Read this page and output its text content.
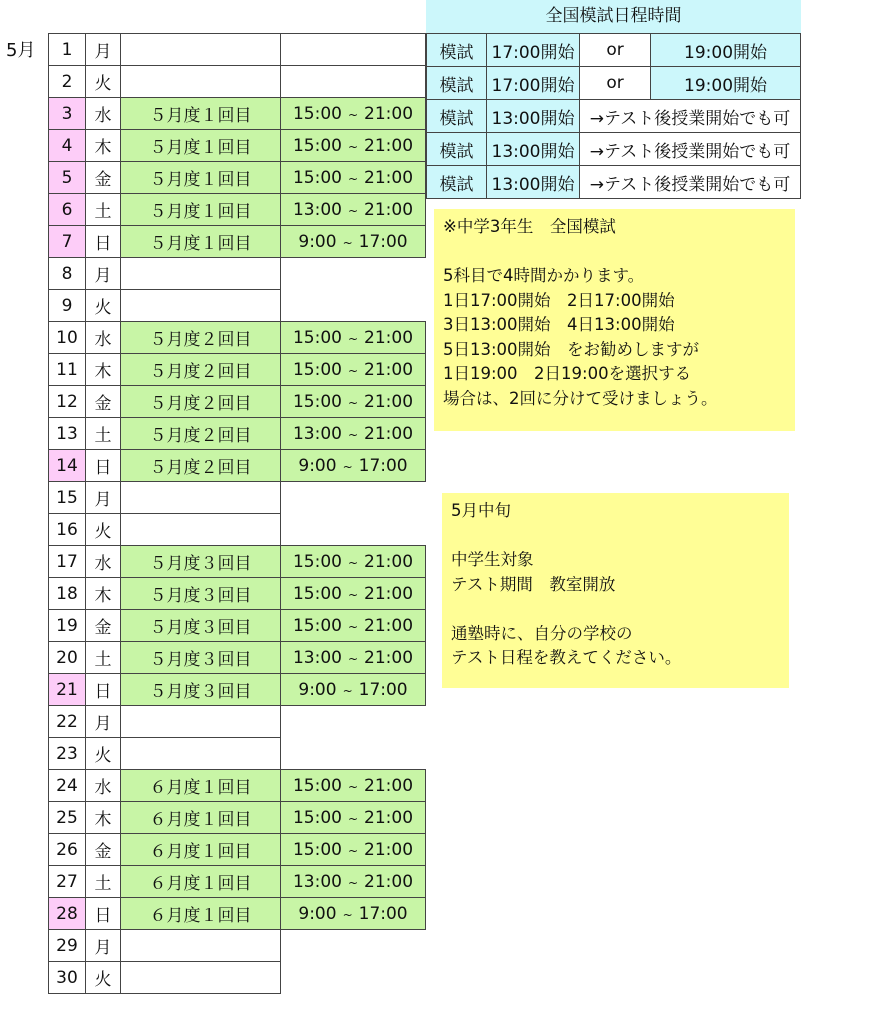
5月
全国模試日程時間
1	月		
2	火		
3	水	５月度１回目	15:00 ~ 21:00
4	木	５月度１回目	15:00 ~ 21:00
5	金	５月度１回目	15:00 ~ 21:00
6	土	５月度１回目	13:00 ~ 21:00
7	日	５月度１回目	9:00 ~ 17:00
8	月		
9	火		
10	水	５月度２回目	15:00 ~ 21:00
11	木	５月度２回目	15:00 ~ 21:00
12	金	５月度２回目	15:00 ~ 21:00
13	土	５月度２回目	13:00 ~ 21:00
14	日	５月度２回目	9:00 ~ 17:00
15	月		
16	火		
17	水	５月度３回目	15:00 ~ 21:00
18	木	５月度３回目	15:00 ~ 21:00
19	金	５月度３回目	15:00 ~ 21:00
20	土	５月度３回目	13:00 ~ 21:00
21	日	５月度３回目	9:00 ~ 17:00
22	月		
23	火		
24	水	６月度１回目	15:00 ~ 21:00
25	木	６月度１回目	15:00 ~ 21:00
26	金	６月度１回目	15:00 ~ 21:00
27	土	６月度１回目	13:00 ~ 21:00
28	日	６月度１回目	9:00 ~ 17:00
29	月		
30	火		
模試	17:00開始	or	19:00開始
模試	17:00開始	or	19:00開始
模試	13:00開始	→テスト後授業開始でも可	
模試	13:00開始	→テスト後授業開始でも可	
模試	13:00開始	→テスト後授業開始でも可	
※中学3年生　全国模試
5科目で4時間かかります。
1日17:00開始　2日17:00開始
3日13:00開始　4日13:00開始
5日13:00開始　をお勧めしますが
1日19:00　2日19:00を選択する
場合は、2回に分けて受けましょう。
5月中旬
中学生対象
テスト期間　教室開放
通塾時に、自分の学校の
テスト日程を教えてください。
